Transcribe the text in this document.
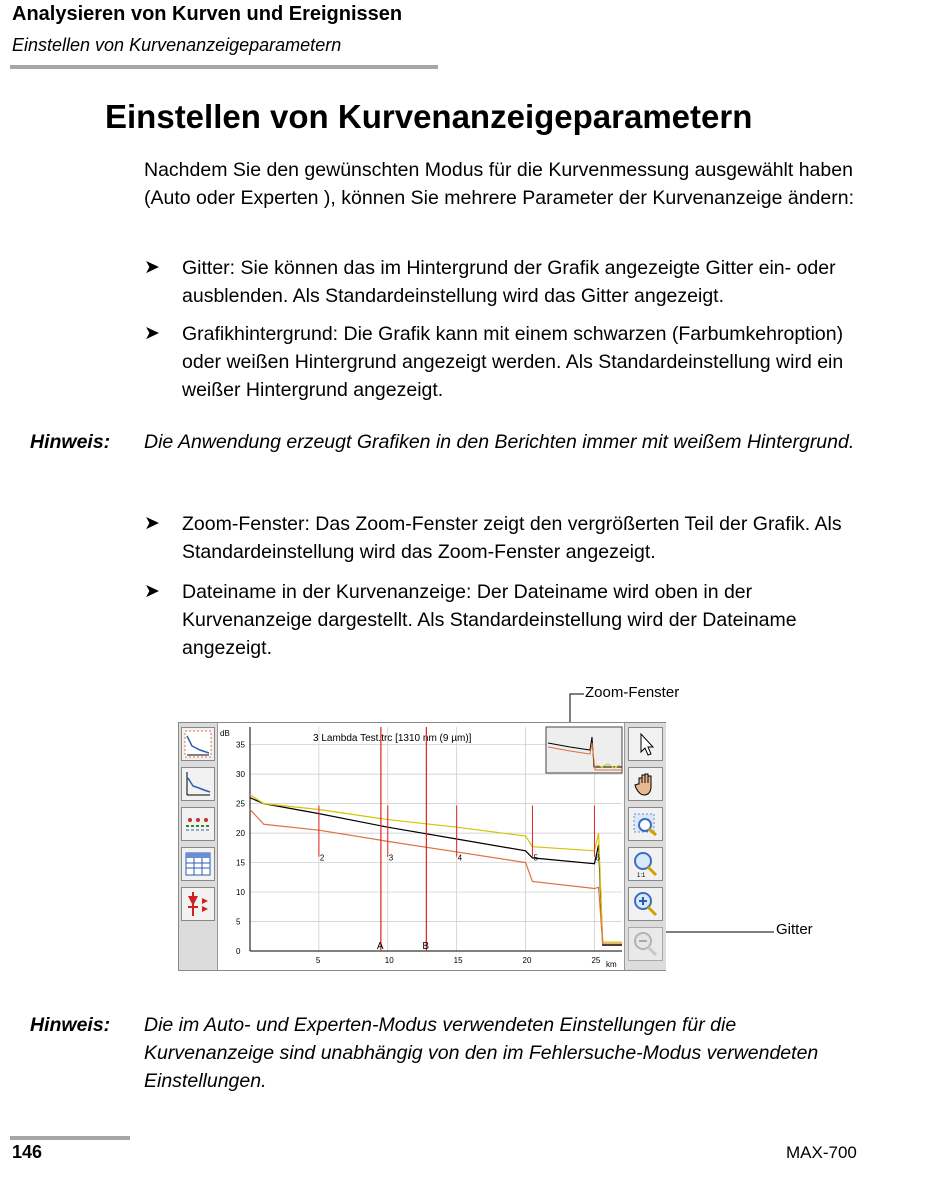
Analysieren von Kurven und Ereignissen
Einstellen von Kurvenanzeigeparametern
Einstellen von Kurvenanzeigeparametern
Nachdem Sie den gewünschten Modus für die Kurvenmessung ausgewählt haben (Auto oder Experten ), können Sie mehrere Parameter der Kurvenanzeige ändern:
➤ Gitter: Sie können das im Hintergrund der Grafik angezeigte Gitter ein- oder ausblenden. Als Standardeinstellung wird das Gitter angezeigt.
➤ Grafikhintergrund: Die Grafik kann mit einem schwarzen (Farbumkehroption) oder weißen Hintergrund angezeigt werden. Als Standardeinstellung wird ein weißer Hintergrund angezeigt.
Hinweis: Die Anwendung erzeugt Grafiken in den Berichten immer mit weißem Hintergrund.
➤ Zoom-Fenster: Das Zoom-Fenster zeigt den vergrößerten Teil der Grafik. Als Standardeinstellung wird das Zoom-Fenster angezeigt.
➤ Dateiname in der Kurvenanzeige: Der Dateiname wird oben in der Kurvenanzeige dargestellt. Als Standardeinstellung wird der Dateiname angezeigt.
Zoom-Fenster
Gitter
5	10	15	20	25
0
5
10
15
20
25
30
35
3 Lambda Test.trc [1310 nm (9 µm)]
dB
km
A	B
2	3	4	5	6
1:1
Hinweis: Die im Auto- und Experten-Modus verwendeten Einstellungen für die Kurvenanzeige sind unabhängig von den im Fehlersuche-Modus verwendeten Einstellungen.
146	MAX-700
